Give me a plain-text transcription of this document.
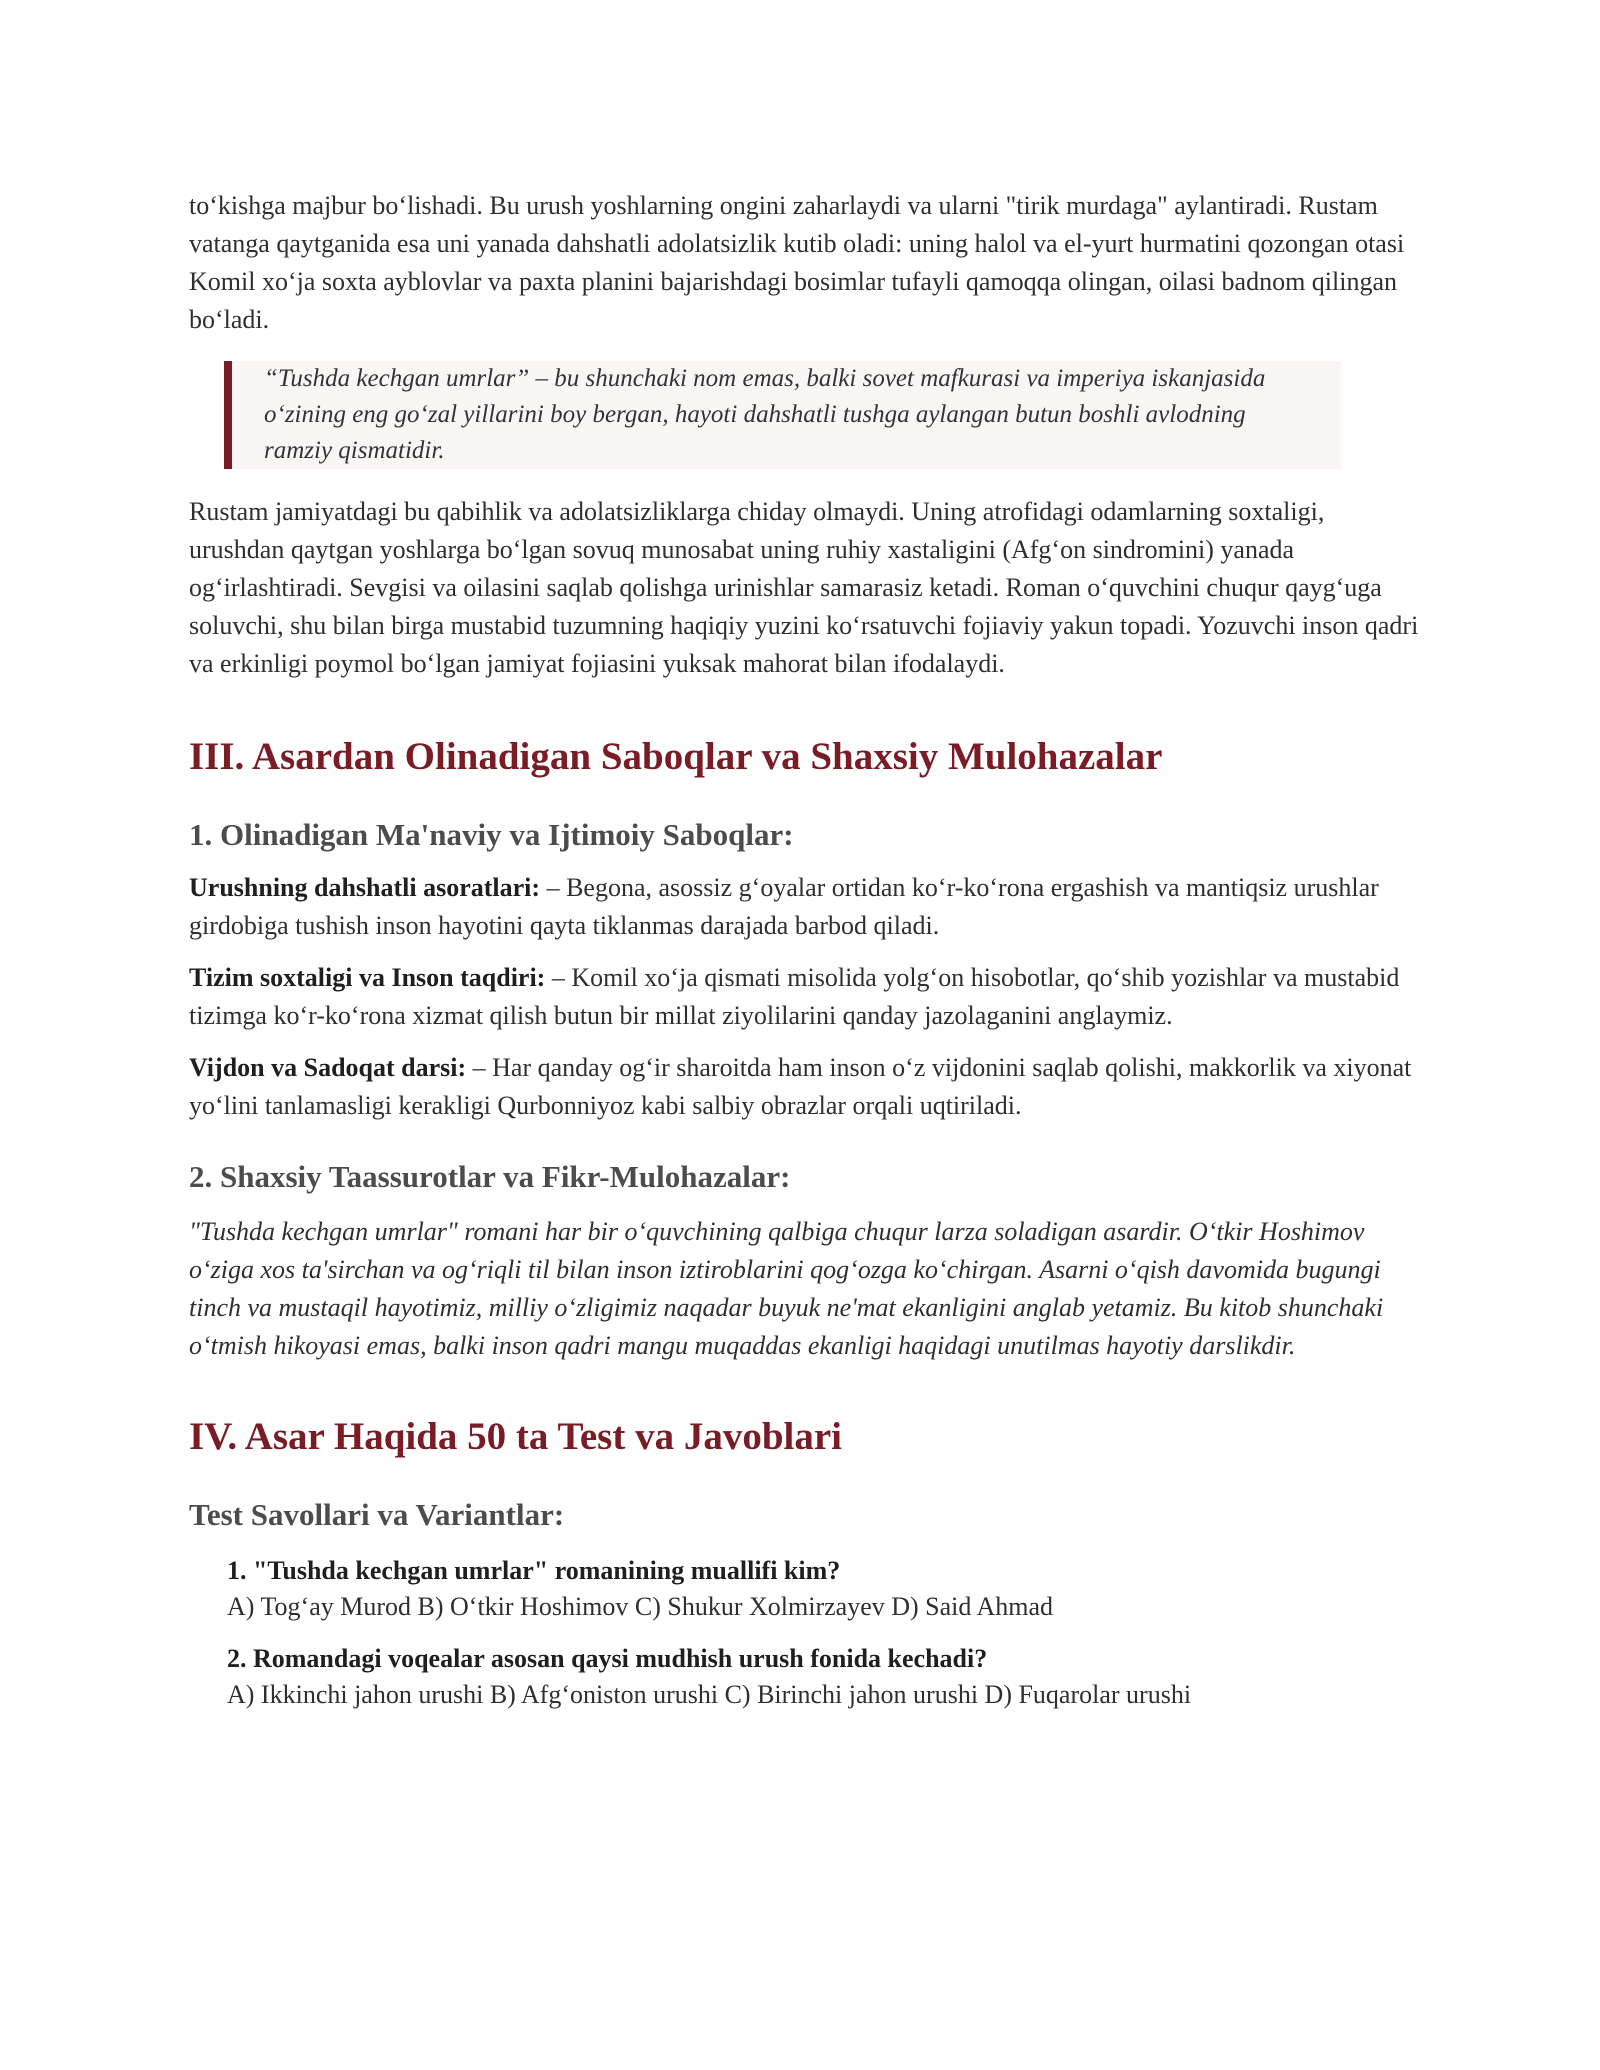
to‘kishga majbur bo‘lishadi. Bu urush yoshlarning ongini zaharlaydi va ularni "tirik murdaga" aylantiradi. Rustam vatanga qaytganida esa uni yanada dahshatli adolatsizlik kutib oladi: uning halol va el-yurt hurmatini qozongan otasi Komil xo‘ja soxta ayblovlar va paxta planini bajarishdagi bosimlar tufayli qamoqqa olingan, oilasi badnom qilingan bo‘ladi.

“Tushda kechgan umrlar” – bu shunchaki nom emas, balki sovet mafkurasi va imperiya iskanjasida o‘zining eng go‘zal yillarini boy bergan, hayoti dahshatli tushga aylangan butun boshli avlodning ramziy qismatidir.

Rustam jamiyatdagi bu qabihlik va adolatsizliklarga chiday olmaydi. Uning atrofidagi odamlarning soxtaligi, urushdan qaytgan yoshlarga bo‘lgan sovuq munosabat uning ruhiy xastaligini (Afg‘on sindromini) yanada og‘irlashtiradi. Sevgisi va oilasini saqlab qolishga urinishlar samarasiz ketadi. Roman o‘quvchini chuqur qayg‘uga soluvchi, shu bilan birga mustabid tuzumning haqiqiy yuzini ko‘rsatuvchi fojiaviy yakun topadi. Yozuvchi inson qadri va erkinligi poymol bo‘lgan jamiyat fojiasini yuksak mahorat bilan ifodalaydi.

III. Asardan Olinadigan Saboqlar va Shaxsiy Mulohazalar
1. Olinadigan Ma'naviy va Ijtimoiy Saboqlar:

Urushning dahshatli asoratlari: – Begona, asossiz g‘oyalar ortidan ko‘r-ko‘rona ergashish va mantiqsiz urushlar girdobiga tushish inson hayotini qayta tiklanmas darajada barbod qiladi.

Tizim soxtaligi va Inson taqdiri: – Komil xo‘ja qismati misolida yolg‘on hisobotlar, qo‘shib yozishlar va mustabid tizimga ko‘r-ko‘rona xizmat qilish butun bir millat ziyolilarini qanday jazolaganini anglaymiz.

Vijdon va Sadoqat darsi: – Har qanday og‘ir sharoitda ham inson o‘z vijdonini saqlab qolishi, makkorlik va xiyonat yo‘lini tanlamasligi kerakligi Qurbonniyoz kabi salbiy obrazlar orqali uqtiriladi.

2. Shaxsiy Taassurotlar va Fikr-Mulohazalar:

"Tushda kechgan umrlar" romani har bir o‘quvchining qalbiga chuqur larza soladigan asardir. O‘tkir Hoshimov o‘ziga xos ta'sirchan va og‘riqli til bilan inson iztiroblarini qog‘ozga ko‘chirgan. Asarni o‘qish davomida bugungi tinch va mustaqil hayotimiz, milliy o‘zligimiz naqadar buyuk ne'mat ekanligini anglab yetamiz. Bu kitob shunchaki o‘tmish hikoyasi emas, balki inson qadri mangu muqaddas ekanligi haqidagi unutilmas hayotiy darslikdir.

IV. Asar Haqida 50 ta Test va Javoblari
Test Savollari va Variantlar:
1. "Tushda kechgan umrlar" romanining muallifi kim?
A) Tog‘ay Murod B) O‘tkir Hoshimov C) Shukur Xolmirzayev D) Said Ahmad
2. Romandagi voqealar asosan qaysi mudhish urush fonida kechadi?
A) Ikkinchi jahon urushi B) Afg‘oniston urushi C) Birinchi jahon urushi D) Fuqarolar urushi
